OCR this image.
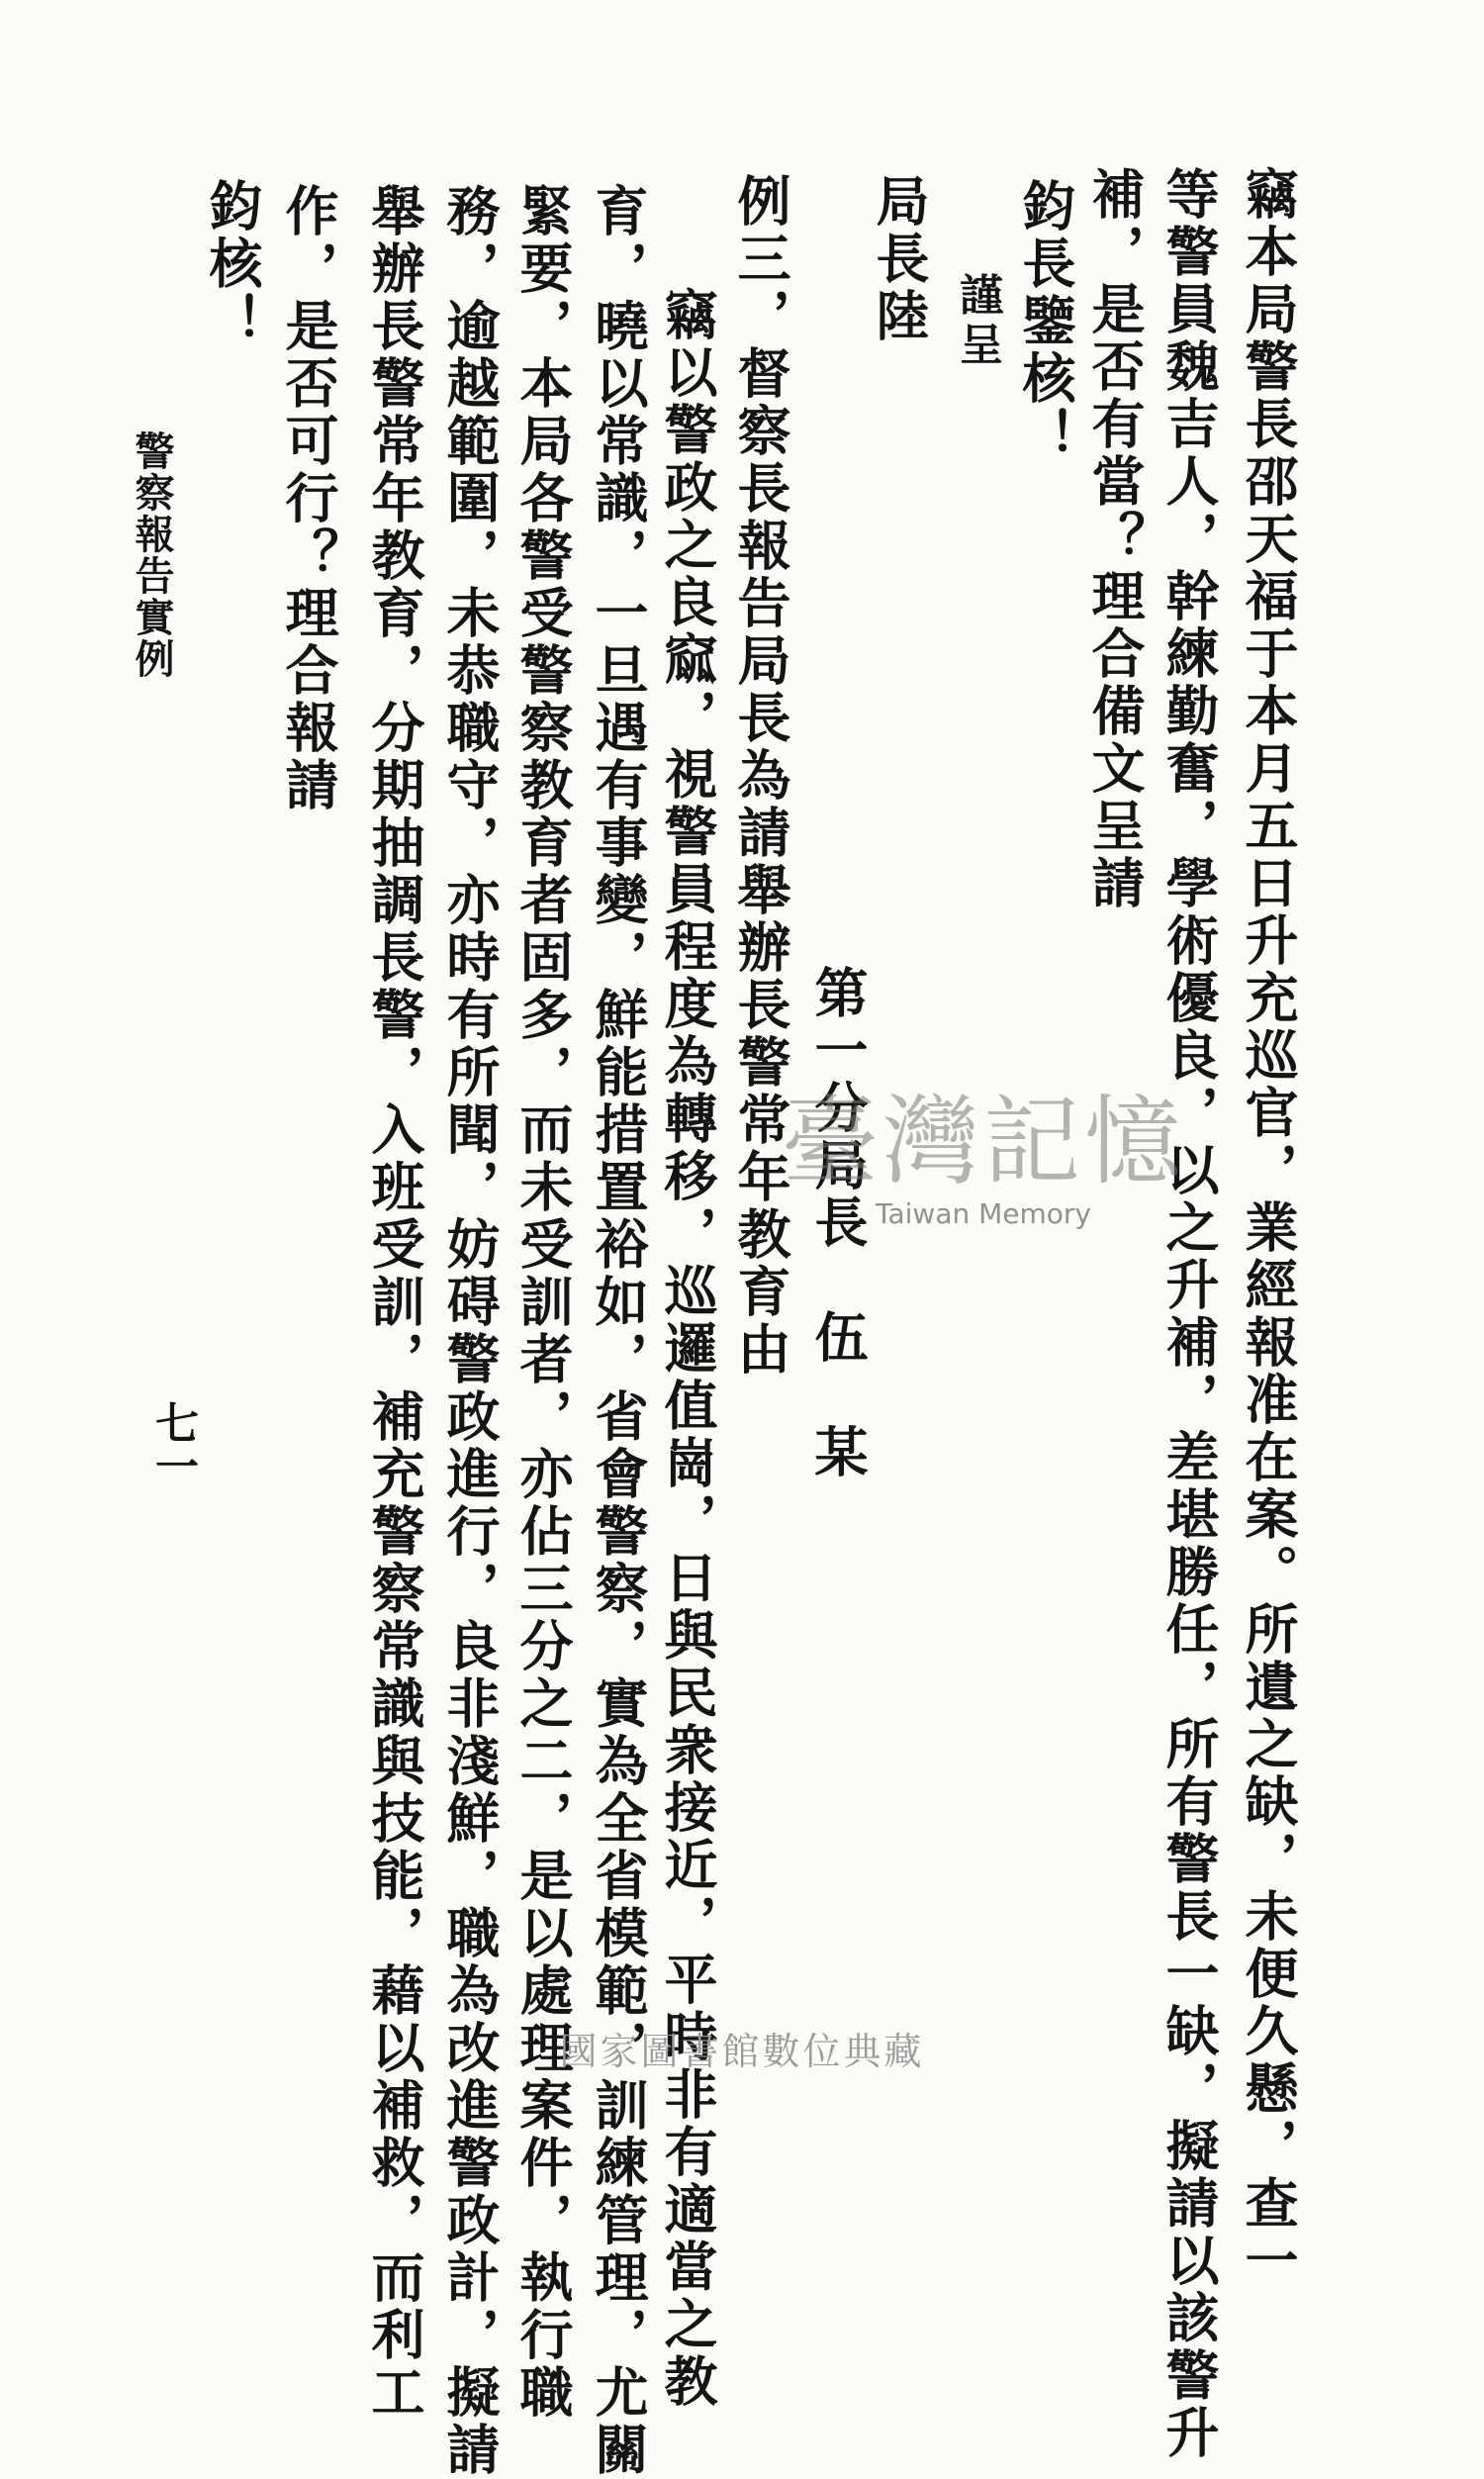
竊本局警長邵天福于本月五日升充巡官，業經報准在案。所遺之缺，未便久懸，查一
等警員魏吉人，幹練勤奮，學術優良，以之升補，差堪勝任，所有警長一缺，擬請以該警升
補，是否有當？理合備文呈請
鈞長鑒核！
謹呈
局長陸
第一分局長　伍　某
例三，督察長報告局長為請舉辦長警常年教育由
竊以警政之良窳，視警員程度為轉移，巡邏值崗，日與民衆接近，平時非有適當之教
育，曉以常識，一旦遇有事變，鮮能措置裕如，省會警察，實為全省模範，訓練管理，尤關
緊要，本局各警受警察教育者固多，而未受訓者，亦佔三分之二，是以處理案件，執行職
務，逾越範圍，未恭職守，亦時有所聞，妨碍警政進行，良非淺鮮，職為改進警政計，擬請
舉辦長警常年教育，分期抽調長警，入班受訓，補充警察常識與技能，藉以補救，而利工
作，是否可行？理合報請
鈞核！
警察報告實例
七一
臺灣記憶
Taiwan Memory
國家圖書館數位典藏
